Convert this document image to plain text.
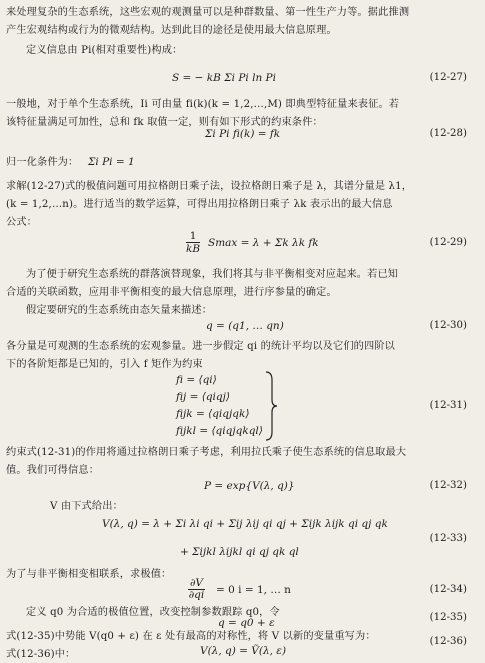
来处理复杂的生态系统，这些宏观的观测量可以是种群数量、第一性生产力等。据此推测
产生宏观结构或行为的微观结构。达到此目的途径是使用最大信息原理。
定义信息由 Pi(相对重要性)构成：
S = − kB Σi Pi ln Pi	(12-27)
一般地，对于单个生态系统，Ii 可由量 fi(k)(k = 1,2,…,M) 即典型特征量来表征。若
该特征量满足可加性，总和 fk 取值一定，则有如下形式的约束条件：
Σi Pi fi(k) = fk	(12-28)
归一化条件为： Σi Pi = 1
求解(12-27)式的极值问题可用拉格朗日乘子法，设拉格朗日乘子是 λ，其谱分量是 λ1，
(k = 1,2,…n)。进行适当的数学运算，可得出用拉格朗日乘子 λk 表示出的最大信息
公式：
1
kB Smax = λ + Σk λk fk	(12-29)
为了便于研究生态系统的群落演替现象，我们将其与非平衡相变对应起来。若已知
合适的关联函数，应用非平衡相变的最大信息原理，进行序参量的确定。
假定要研究的生态系统由态矢量来描述：
q = (q1, … qn)	(12-30)
各分量是可观测的生态系统的宏观参量。进一步假定 qi 的统计平均以及它们的四阶以
下的各阶矩都是已知的，引入 f 矩作为约束
fi = ⟨qi⟩
fij = ⟨qiqj⟩
fijk = ⟨qiqjqk⟩
fijkl = ⟨qiqjqkql⟩
(12-31)
约束式(12-31)的作用将通过拉格朗日乘子考虑，利用拉氏乘子使生态系统的信息取最大
值。我们可得信息：
P = exp{V(λ, q)}	(12-32)
V 由下式给出：
V(λ, q) = λ + Σi λi qi + Σij λij qi qj + Σijk λijk qi qj qk
+ Σijkl λijkl qi qj qk ql
(12-33)
为了与非平衡相变相联系，求极值：
∂V
∂qi = 0 i = 1, … n	(12-34)
定义 q0 为合适的极值位置，改变控制参数跟踪 q0，令
q = q0 + ε	(12-35)
式(12-35)中势能 V(q0 + ε) 在 ε 处有最高的对称性，将 V 以新的变量重写为：
式(12-36)中：	V(λ, q) = Ṽ(λ, ε)
(12-36)
